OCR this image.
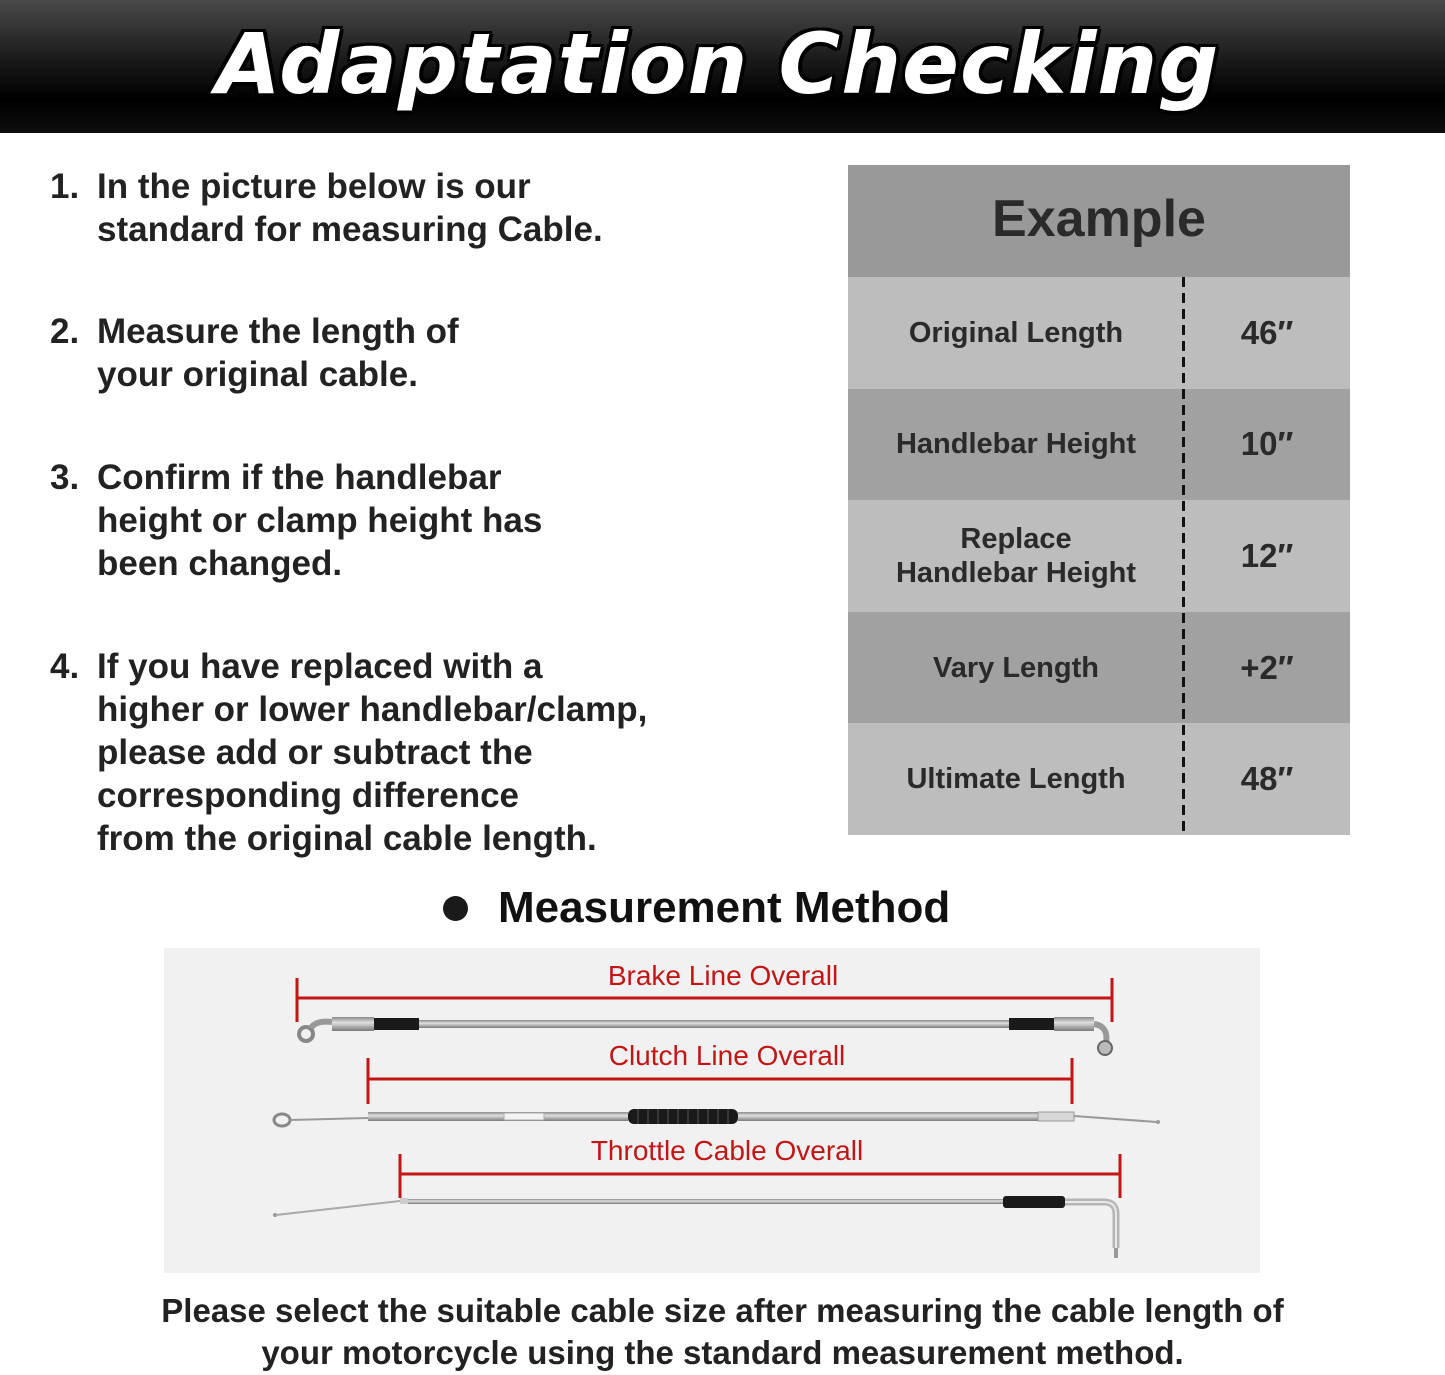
Adaptation Checking
1. In the picture below is our
standard for measuring Cable.
2. Measure the length of
your original cable.
3. Confirm if the handlebar
height or clamp height has
been changed.
4. If you have replaced with a
higher or lower handlebar/clamp,
please add or subtract the
corresponding difference
from the original cable length.
Example
Original Length	46″
Handlebar Height	10″
Replace
Handlebar Height	12″
Vary Length	+2″
Ultimate Length	48″
Measurement Method
Brake Line Overall
Clutch Line Overall
Throttle Cable Overall
Please select the suitable cable size after measuring the cable length of
your motorcycle using the standard measurement method.
